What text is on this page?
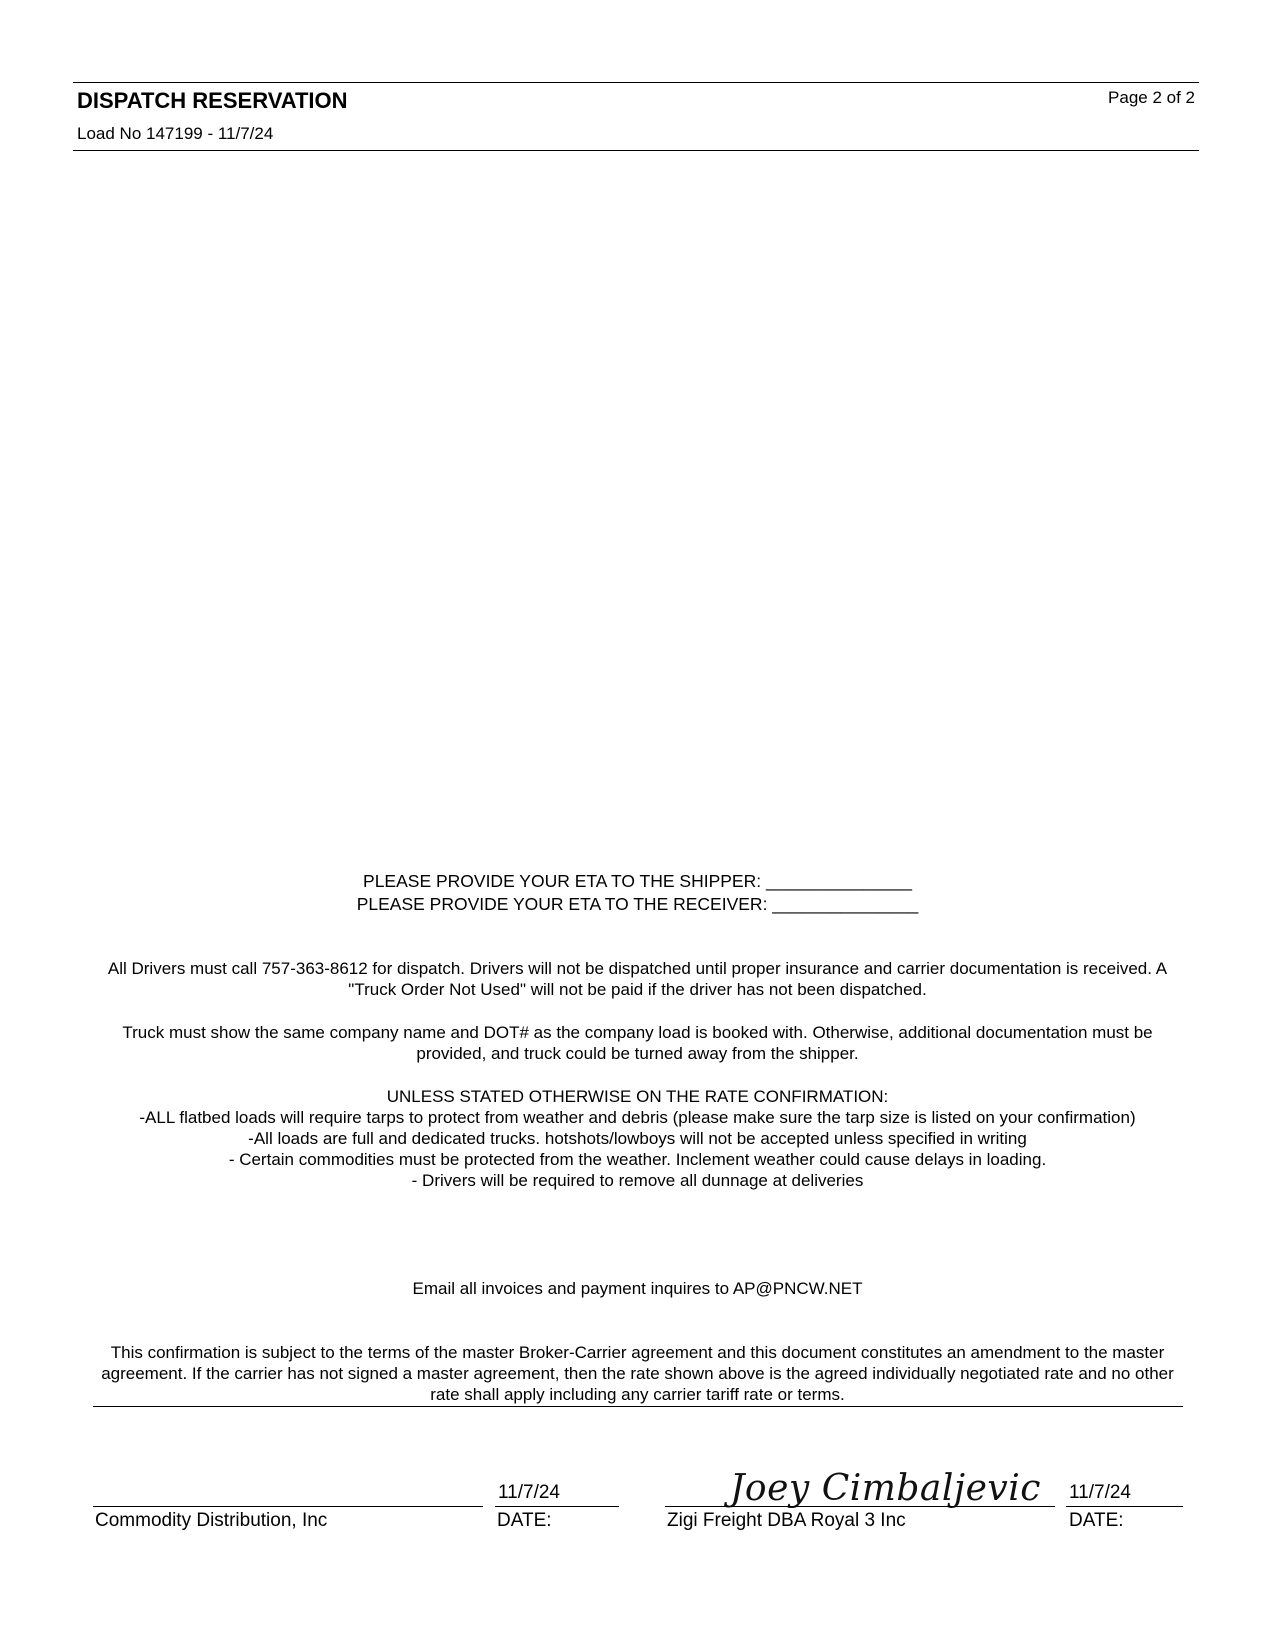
DISPATCH RESERVATION	Page 2 of 2
Load No 147199 - 11/7/24

PLEASE PROVIDE YOUR ETA TO THE SHIPPER: _______________

PLEASE PROVIDE YOUR ETA TO THE RECEIVER: _______________

All Drivers must call 757-363-8612 for dispatch. Drivers will not be dispatched until proper insurance and carrier documentation is received. A "Truck Order Not Used" will not be paid if the driver has not been dispatched.
Truck must show the same company name and DOT# as the company load is booked with. Otherwise, additional documentation must be provided, and truck could be turned away from the shipper.

UNLESS STATED OTHERWISE ON THE RATE CONFIRMATION:

-ALL flatbed loads will require tarps to protect from weather and debris (please make sure the tarp size is listed on your confirmation)

-All loads are full and dedicated trucks. hotshots/lowboys will not be accepted unless specified in writing

- Certain commodities must be protected from the weather. Inclement weather could cause delays in loading.

- Drivers will be required to remove all dunnage at deliveries

Email all invoices and payment inquires to AP@PNCW.NET
This confirmation is subject to the terms of the master Broker-Carrier agreement and this document constitutes an amendment to the master agreement. If the carrier has not signed a master agreement, then the rate shown above is the agreed individually negotiated rate and no other rate shall apply including any carrier tariff rate or terms.
11/7/24
Commodity Distribution, Inc	DATE:
Joey Cimbaljevic 11/7/24
Zigi Freight DBA Royal 3 Inc	DATE:
